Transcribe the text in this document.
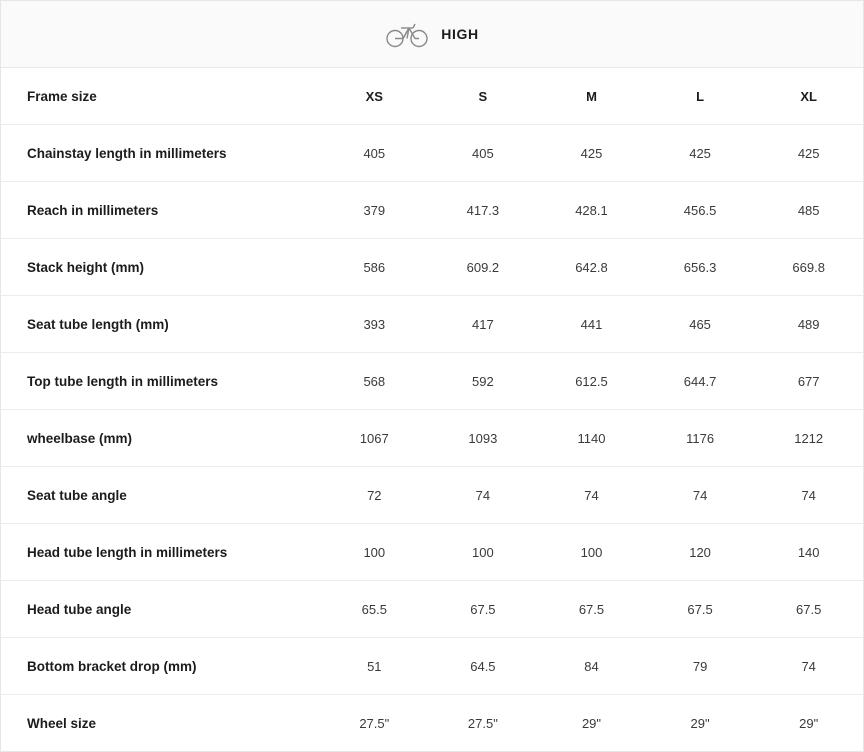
HIGH
Frame size	XS	S	M	L	XL
Chainstay length in millimeters	405	405	425	425	425
Reach in millimeters	379	417.3	428.1	456.5	485
Stack height (mm)	586	609.2	642.8	656.3	669.8
Seat tube length (mm)	393	417	441	465	489
Top tube length in millimeters	568	592	612.5	644.7	677
wheelbase (mm)	1067	1093	1140	1176	1212
Seat tube angle	72	74	74	74	74
Head tube length in millimeters	100	100	100	120	140
Head tube angle	65.5	67.5	67.5	67.5	67.5
Bottom bracket drop (mm)	51	64.5	84	79	74
Wheel size	27.5"	27.5"	29"	29"	29"
